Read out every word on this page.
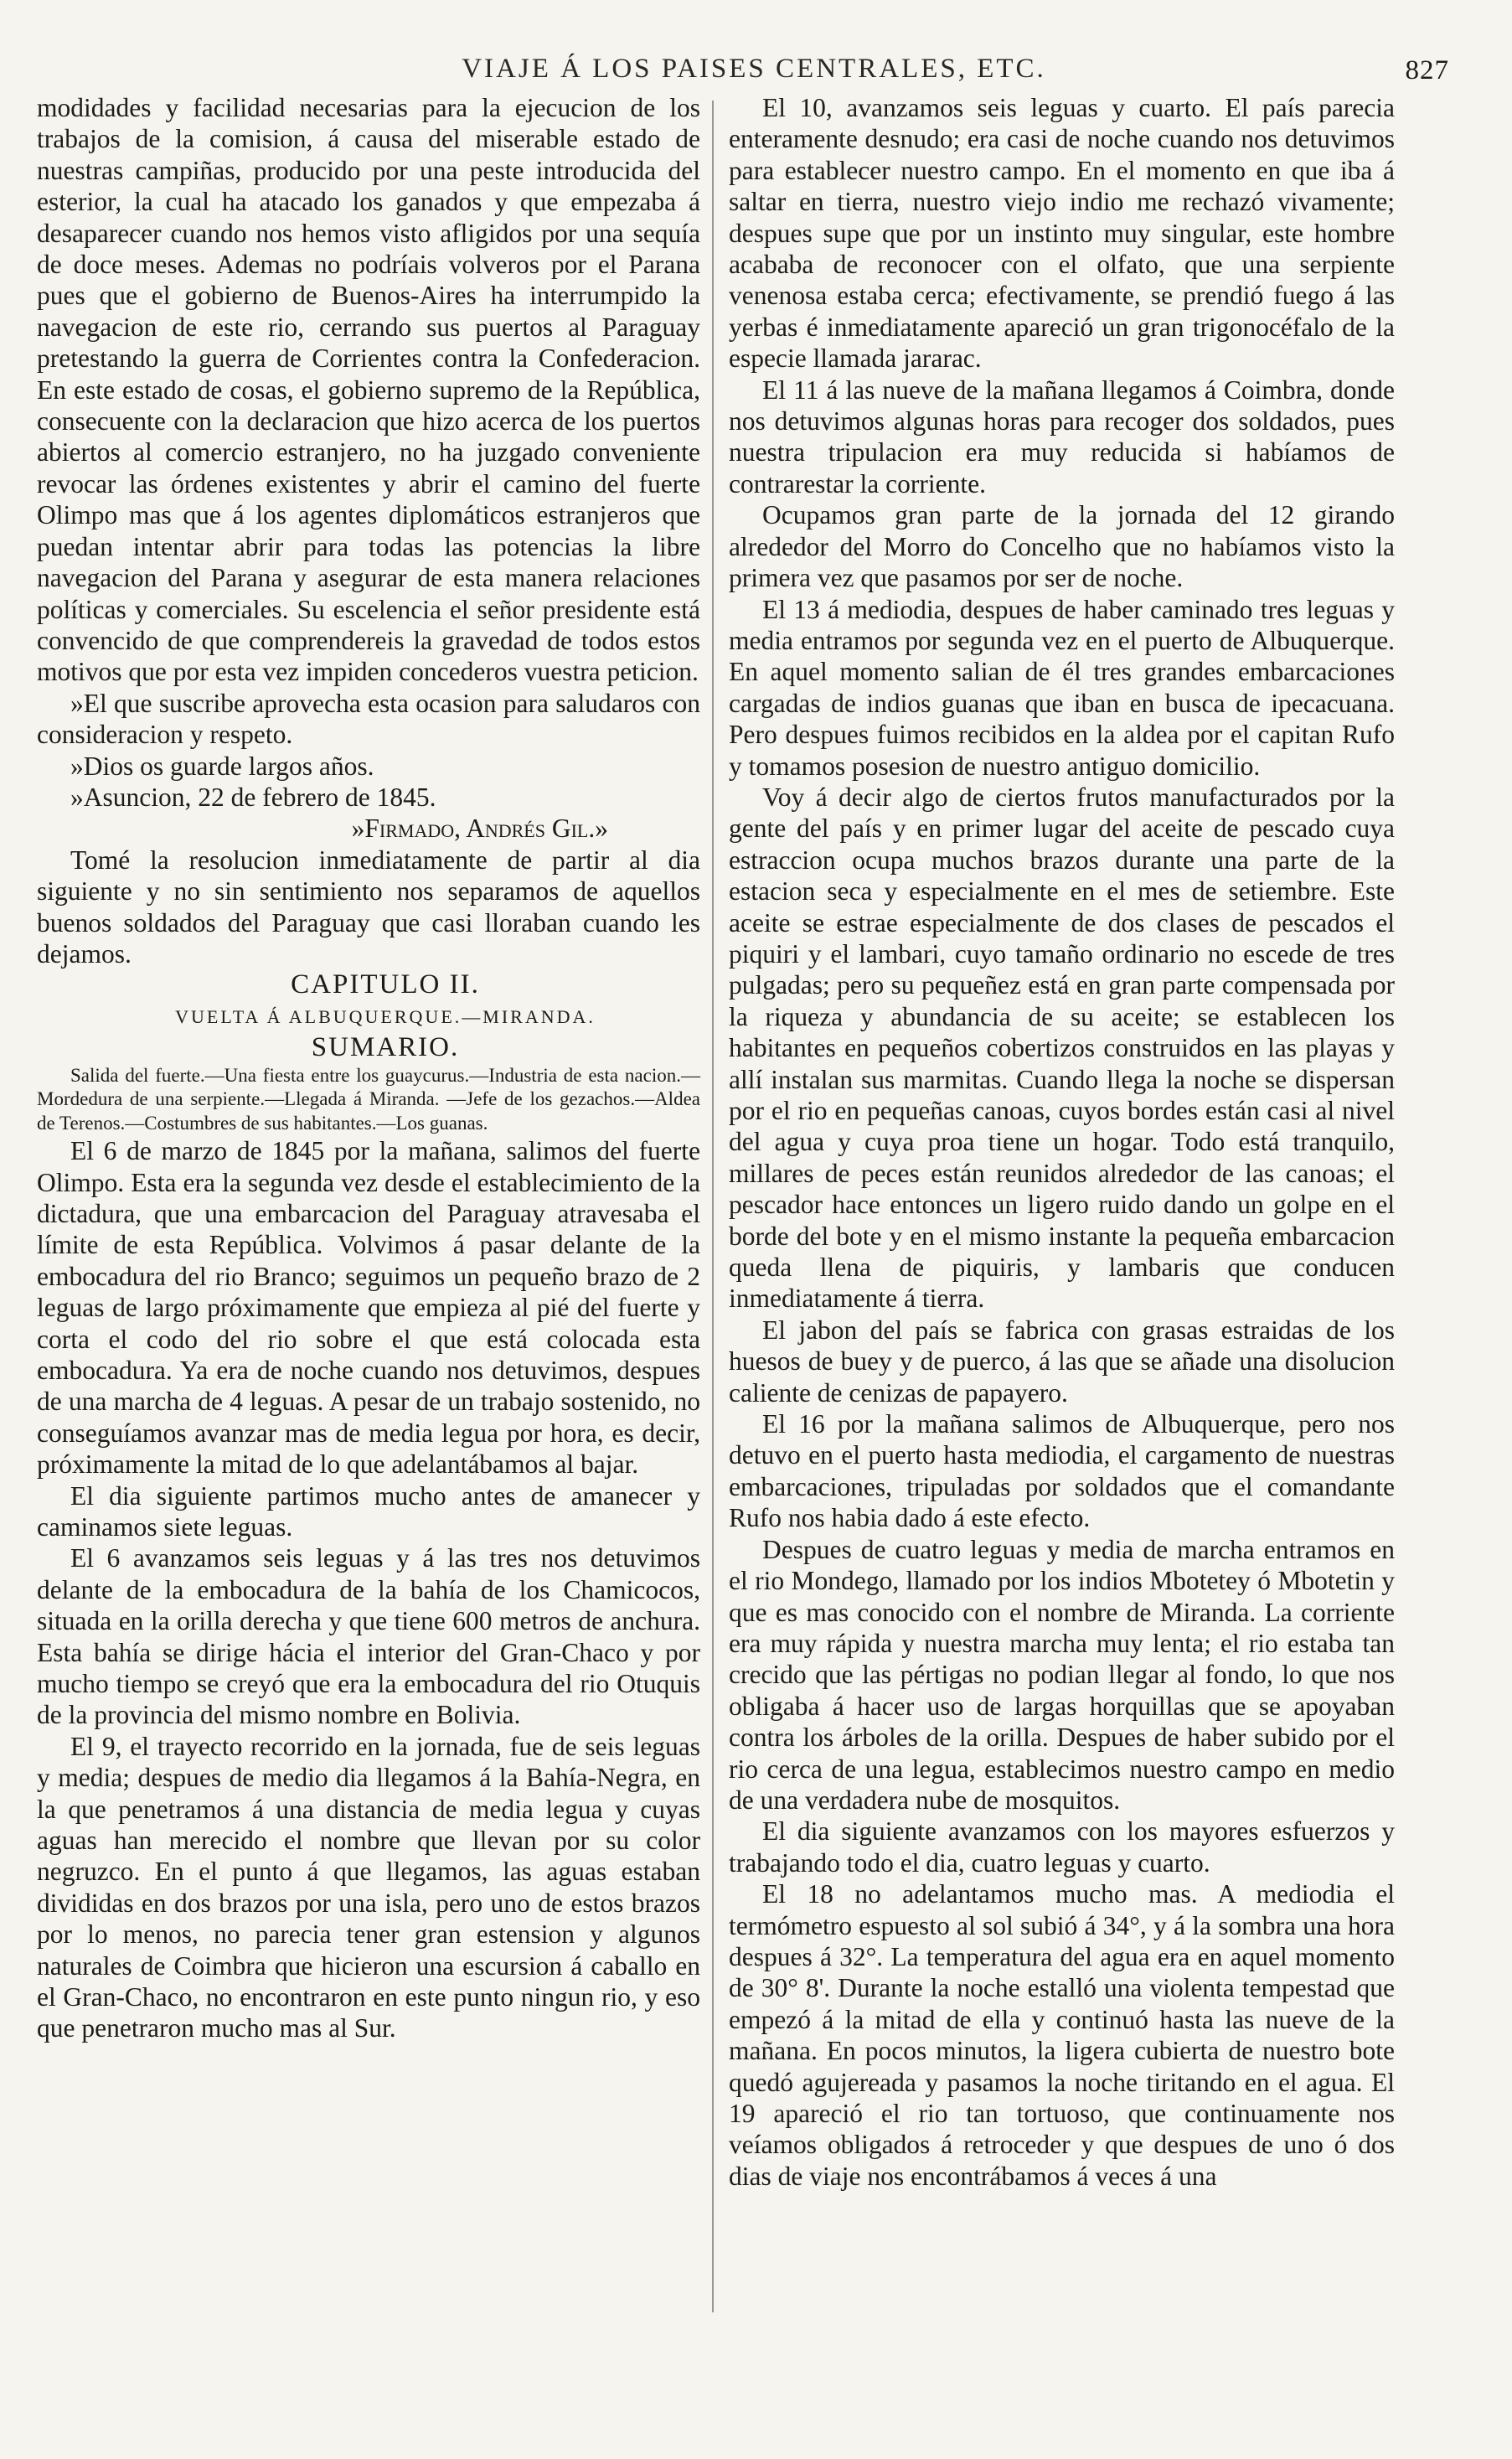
VIAJE Á LOS PAISES CENTRALES, ETC.	827

modidades y facilidad necesarias para la ejecucion de los trabajos de la comision, á causa del miserable estado de nuestras campiñas, producido por una peste introducida del esterior, la cual ha atacado los ganados y que empezaba á desaparecer cuando nos hemos visto afligidos por una sequía de doce meses. Ademas no podríais volveros por el Parana pues que el gobierno de Buenos-Aires ha interrumpido la navegacion de este rio, cerrando sus puertos al Paraguay pretestando la guerra de Corrientes contra la Confederacion. En este estado de cosas, el gobierno supremo de la República, consecuente con la declaracion que hizo acerca de los puertos abiertos al comercio estranjero, no ha juzgado conveniente revocar las órdenes existentes y abrir el camino del fuerte Olimpo mas que á los agentes diplomáticos estranjeros que puedan intentar abrir para todas las potencias la libre navegacion del Parana y asegurar de esta manera relaciones políticas y comerciales. Su escelencia el señor presidente está convencido de que comprendereis la gravedad de todos estos motivos que por esta vez impiden concederos vuestra peticion.

»El que suscribe aprovecha esta ocasion para saludaros con consideracion y respeto.

»Dios os guarde largos años.

»Asuncion, 22 de febrero de 1845.

»Firmado, Andrés Gil.»

Tomé la resolucion inmediatamente de partir al dia siguiente y no sin sentimiento nos separamos de aquellos buenos soldados del Paraguay que casi lloraban cuando les dejamos.

CAPITULO II.

VUELTA Á ALBUQUERQUE.—MIRANDA.

SUMARIO.

Salida del fuerte.—Una fiesta entre los guaycurus.—Industria de esta nacion.—Mordedura de una serpiente.—Llegada á Miranda. —Jefe de los gezachos.—Aldea de Terenos.—Costumbres de sus habitantes.—Los guanas.

El 6 de marzo de 1845 por la mañana, salimos del fuerte Olimpo. Esta era la segunda vez desde el establecimiento de la dictadura, que una embarcacion del Paraguay atravesaba el límite de esta República. Volvimos á pasar delante de la embocadura del rio Branco; seguimos un pequeño brazo de 2 leguas de largo próximamente que empieza al pié del fuerte y corta el codo del rio sobre el que está colocada esta embocadura. Ya era de noche cuando nos detuvimos, despues de una marcha de 4 leguas. A pesar de un trabajo sostenido, no conseguíamos avanzar mas de media legua por hora, es decir, próximamente la mitad de lo que adelantábamos al bajar.

El dia siguiente partimos mucho antes de amanecer y caminamos siete leguas.

El 6 avanzamos seis leguas y á las tres nos detuvimos delante de la embocadura de la bahía de los Chamicocos, situada en la orilla derecha y que tiene 600 metros de anchura. Esta bahía se dirige hácia el interior del Gran-Chaco y por mucho tiempo se creyó que era la embocadura del rio Otuquis de la provincia del mismo nombre en Bolivia.

El 9, el trayecto recorrido en la jornada, fue de seis leguas y media; despues de medio dia llegamos á la Bahía-Negra, en la que penetramos á una distancia de media legua y cuyas aguas han merecido el nombre que llevan por su color negruzco. En el punto á que llegamos, las aguas estaban divididas en dos brazos por una isla, pero uno de estos brazos por lo menos, no parecia tener gran estension y algunos naturales de Coimbra que hicieron una escursion á caballo en el Gran-Chaco, no encontraron en este punto ningun rio, y eso que penetraron mucho mas al Sur.

El 10, avanzamos seis leguas y cuarto. El país parecia enteramente desnudo; era casi de noche cuando nos detuvimos para establecer nuestro campo. En el momento en que iba á saltar en tierra, nuestro viejo indio me rechazó vivamente; despues supe que por un instinto muy singular, este hombre acababa de reconocer con el olfato, que una serpiente venenosa estaba cerca; efectivamente, se prendió fuego á las yerbas é inmediatamente apareció un gran trigonocéfalo de la especie llamada jararac.

El 11 á las nueve de la mañana llegamos á Coimbra, donde nos detuvimos algunas horas para recoger dos soldados, pues nuestra tripulacion era muy reducida si habíamos de contrarestar la corriente.

Ocupamos gran parte de la jornada del 12 girando alrededor del Morro do Concelho que no habíamos visto la primera vez que pasamos por ser de noche.

El 13 á mediodia, despues de haber caminado tres leguas y media entramos por segunda vez en el puerto de Albuquerque. En aquel momento salian de él tres grandes embarcaciones cargadas de indios guanas que iban en busca de ipecacuana. Pero despues fuimos recibidos en la aldea por el capitan Rufo y tomamos posesion de nuestro antiguo domicilio.

Voy á decir algo de ciertos frutos manufacturados por la gente del país y en primer lugar del aceite de pescado cuya estraccion ocupa muchos brazos durante una parte de la estacion seca y especialmente en el mes de setiembre. Este aceite se estrae especialmente de dos clases de pescados el piquiri y el lambari, cuyo tamaño ordinario no escede de tres pulgadas; pero su pequeñez está en gran parte compensada por la riqueza y abundancia de su aceite; se establecen los habitantes en pequeños cobertizos construidos en las playas y allí instalan sus marmitas. Cuando llega la noche se dispersan por el rio en pequeñas canoas, cuyos bordes están casi al nivel del agua y cuya proa tiene un hogar. Todo está tranquilo, millares de peces están reunidos alrededor de las canoas; el pescador hace entonces un ligero ruido dando un golpe en el borde del bote y en el mismo instante la pequeña embarcacion queda llena de piquiris, y lambaris que conducen inmediatamente á tierra.

El jabon del país se fabrica con grasas estraidas de los huesos de buey y de puerco, á las que se añade una disolucion caliente de cenizas de papayero.

El 16 por la mañana salimos de Albuquerque, pero nos detuvo en el puerto hasta mediodia, el cargamento de nuestras embarcaciones, tripuladas por soldados que el comandante Rufo nos habia dado á este efecto.

Despues de cuatro leguas y media de marcha entramos en el rio Mondego, llamado por los indios Mbotetey ó Mbotetin y que es mas conocido con el nombre de Miranda. La corriente era muy rápida y nuestra marcha muy lenta; el rio estaba tan crecido que las pértigas no podian llegar al fondo, lo que nos obligaba á hacer uso de largas horquillas que se apoyaban contra los árboles de la orilla. Despues de haber subido por el rio cerca de una legua, establecimos nuestro campo en medio de una verdadera nube de mosquitos.

El dia siguiente avanzamos con los mayores esfuerzos y trabajando todo el dia, cuatro leguas y cuarto.

El 18 no adelantamos mucho mas. A mediodia el termómetro espuesto al sol subió á 34°, y á la sombra una hora despues á 32°. La temperatura del agua era en aquel momento de 30° 8'. Durante la noche estalló una violenta tempestad que empezó á la mitad de ella y continuó hasta las nueve de la mañana. En pocos minutos, la ligera cubierta de nuestro bote quedó agujereada y pasamos la noche tiritando en el agua. El 19 apareció el rio tan tortuoso, que continuamente nos veíamos obligados á retroceder y que despues de uno ó dos dias de viaje nos encontrábamos á veces á una
